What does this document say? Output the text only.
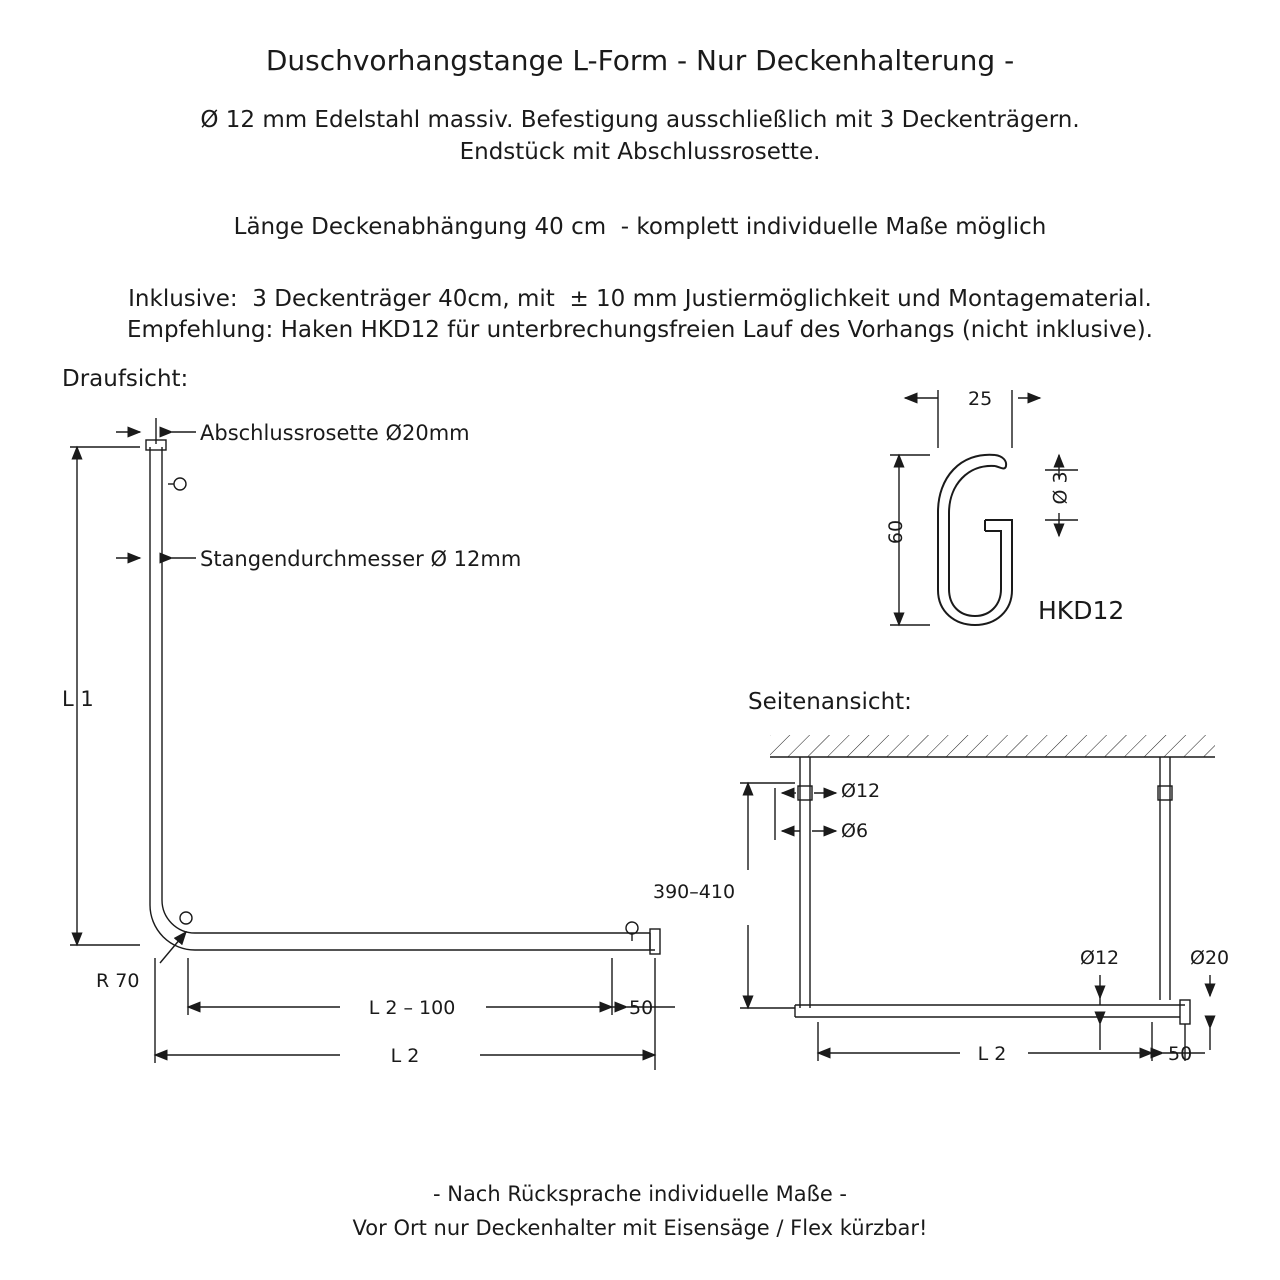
Duschvorhangstange L-Form - Nur Deckenhalterung -
Ø 12 mm Edelstahl massiv. Befestigung ausschließlich mit 3 Deckenträgern.
Endstück mit Abschlussrosette.
Länge Deckenabhängung 40 cm  - komplett individuelle Maße möglich
Inklusive:  3 Deckenträger 40cm, mit  ± 10 mm Justiermöglichkeit und Montagematerial.
Empfehlung: Haken HKD12 für unterbrechungsfreien Lauf des Vorhangs (nicht inklusive).
Draufsicht:
Seitenansicht:
Abschlussrosette Ø20mm
Stangendurchmesser Ø 12mm
L 1
R 70
L 2 – 100	50
L 2
25
60
Ø 3
HKD12
Ø12
Ø6
390–410
Ø12	Ø20
L 2	50
- Nach Rücksprache individuelle Maße -
Vor Ort nur Deckenhalter mit Eisensäge / Flex kürzbar!
